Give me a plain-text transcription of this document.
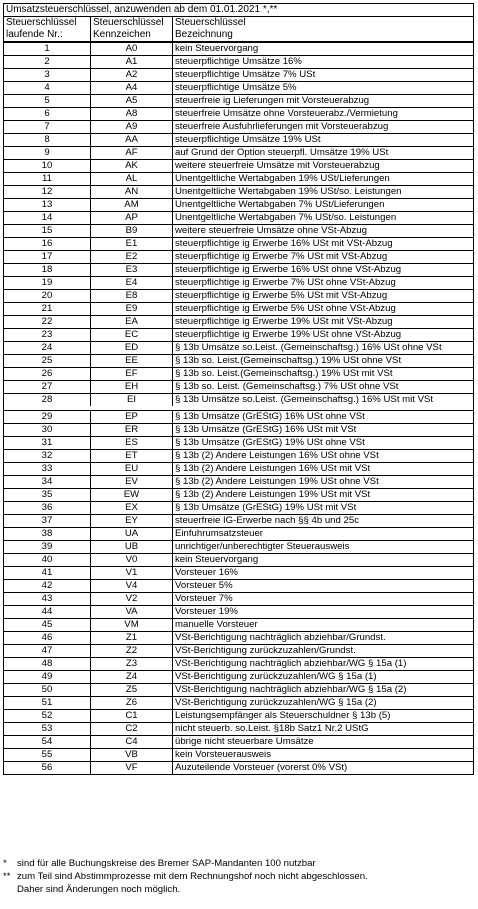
Umsatzsteuerschlüssel, anzuwenden ab dem 01.01.2021 *,**		
Steuerschlüssel	Steuerschlüssel	Steuerschlüssel
laufende Nr.:	Kennzeichen	Bezeichnung
1	A0	kein Steuervorgang
2	A1	steuerpflichtige Umsätze 16%
3	A2	steuerpflichtige Umsätze 7% USt
4	A4	steuerpflichtige Umsätze 5%
5	A5	steuerfreie ig Lieferungen mit Vorsteuerabzug
6	A8	steuerfreie Umsätze ohne Vorsteuerabz./Vermietung
7	A9	steuerfreie Ausfuhrlieferungen mit Vorsteuerabzug
8	AA	steuerpflichtige Umsätze 19% USt
9	AF	auf Grund der Option steuerpfl. Umsätze 19% USt
10	AK	weitere steuerfreie Umsätze mit Vorsteuerabzug
11	AL	Unentgeltliche Wertabgaben 19% USt/Lieferungen
12	AN	Unentgeltliche Wertabgaben 19% USt/so. Leistungen
13	AM	Unentgeltliche Wertabgaben 7% USt/Lieferungen
14	AP	Unentgeltliche Wertabgaben 7% USt/so. Leistungen
15	B9	weitere steuerfreie Umsätze ohne VSt-Abzug
16	E1	steuerpflichtige ig Erwerbe 16% USt mit VSt-Abzug
17	E2	steuerpflichtige ig Erwerbe 7% USt mit VSt-Abzug
18	E3	steuerpflichtige ig Erwerbe 16% USt ohne VSt-Abzug
19	E4	steuerpflichtige ig Erwerbe 7% USt ohne VSt-Abzug
20	E8	steuerpflichtige ig Erwerbe 5% USt mit VSt-Abzug
21	E9	steuerpflichtige ig Erwerbe 5% USt ohne VSt-Abzug
22	EA	steuerpflichtige ig Erwerbe 19% USt mit VSt-Abzug
23	EC	steuerpflichtige ig Erwerbe 19% USt ohne VSt-Abzug
24	ED	§ 13b Umsätze so.Leist. (Gemeinschaftsg.) 16% USt ohne VSt
25	EE	§ 13b so. Leist.(Gemeinschaftsg.) 19% USt ohne VSt
26	EF	§ 13b so. Leist.(Gemeinschaftsg.) 19% USt mit VSt
27	EH	§ 13b so. Leist. (Gemeinschaftsg.) 7% USt ohne VSt
28	EI	§ 13b Umsätze so.Leist. (Gemeinschaftsg.) 16% USt mit VSt

29	EP	§ 13b Umsätze (GrEStG) 16% USt ohne VSt
30	ER	§ 13b Umsätze (GrEStG) 16% USt mit VSt
31	ES	§ 13b Umsätze (GrEStG) 19% USt ohne VSt
32	ET	§ 13b (2) Andere Leistungen 16% USt ohne VSt
33	EU	§ 13b (2) Andere Leistungen 16% USt mit VSt
34	EV	§ 13b (2) Andere Leistungen 19% USt ohne VSt
35	EW	§ 13b (2) Andere Leistungen 19% USt mit VSt
36	EX	§ 13b Umsätze (GrEStG) 19% USt mit VSt
37	EY	steuerfreie IG-Erwerbe nach §§ 4b und 25c
38	UA	Einfuhrumsatzsteuer
39	UB	unrichtiger/unberechtigter Steuerausweis
40	V0	kein Steuervorgang
41	V1	Vorsteuer 16%
42	V4	Vorsteuer 5%
43	V2	Vorsteuer 7%
44	VA	Vorsteuer 19%
45	VM	manuelle Vorsteuer
46	Z1	VSt-Berichtigung nachträglich abziehbar/Grundst.
47	Z2	VSt-Berichtigung zurückzuzahlen/Grundst.
48	Z3	VSt-Berichtigung nachträglich abziehbar/WG § 15a (1)
49	Z4	VSt-Berichtigung zurückzuzahlen/WG § 15a (1)
50	Z5	VSt-Berichtigung nachträglich abziehbar/WG § 15a (2)
51	Z6	VSt-Berichtigung zurückzuzahlen/WG § 15a (2)
52	C1	Leistungsempfänger als Steuerschuldner § 13b (5)
53	C2	nicht steuerb. so.Leist. §18b Satz1 Nr.2 UStG
54	C4	übrige nicht steuerbare Umsätze
55	VB	kein Vorsteuerausweis
56	VF	Auzuteilende Vorsteuer (vorerst 0% VSt)
* sind für alle Buchungskreise des Bremer SAP-Mandanten 100 nutzbar
** zum Teil sind Abstimmprozesse mit dem Rechnungshof noch nicht abgeschlossen.
Daher sind Änderungen noch möglich.
